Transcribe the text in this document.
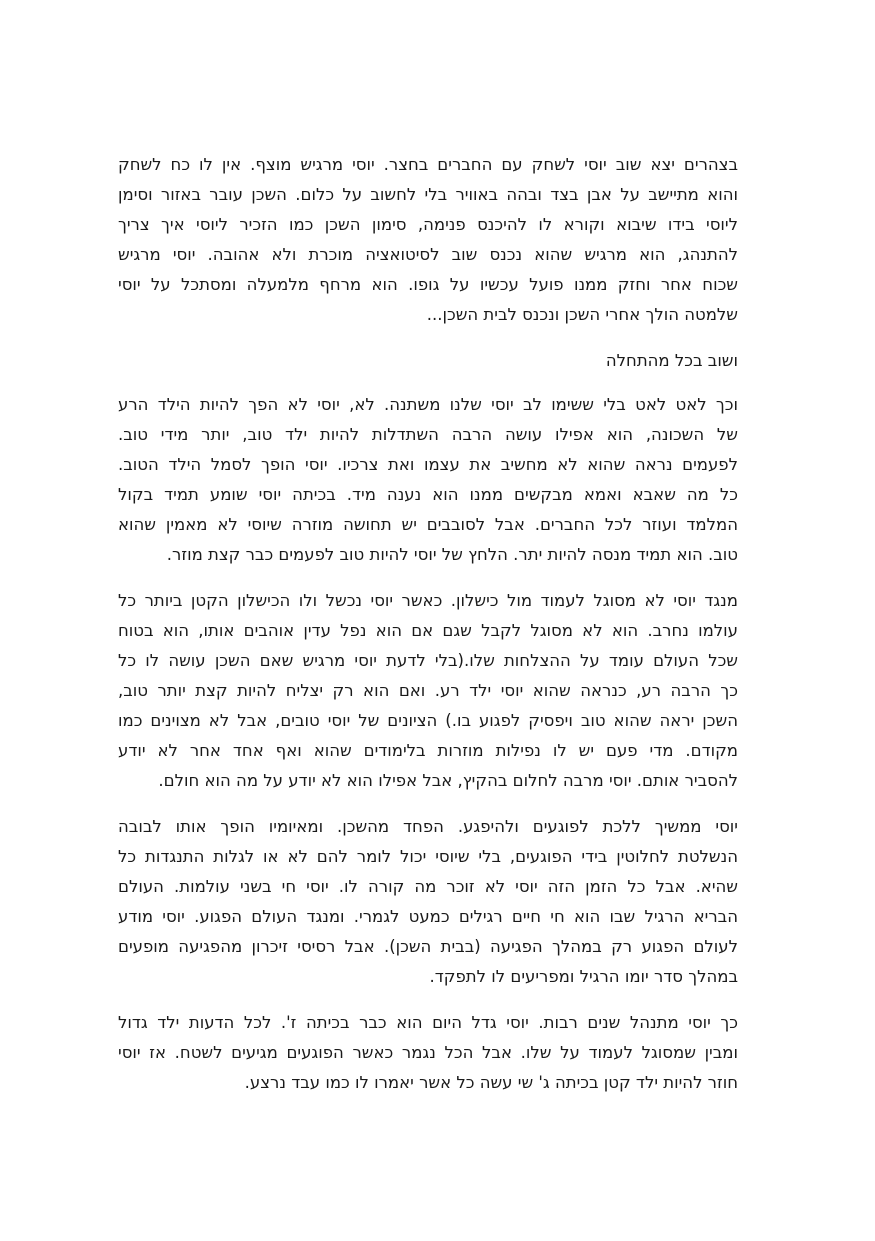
בצהרים יצא שוב יוסי לשחק עם החברים בחצר. יוסי מרגיש מוצף. אין לו כח לשחק
והוא מתיישב על אבן בצד ובהה באוויר בלי לחשוב על כלום. השכן עובר באזור וסימן
ליוסי בידו שיבוא וקורא לו להיכנס פנימה, סימון השכן כמו הזכיר ליוסי איך צריך
להתנהג, הוא מרגיש שהוא נכנס שוב לסיטואציה מוכרת ולא אהובה. יוסי מרגיש
שכוח אחר וחזק ממנו פועל עכשיו על גופו. הוא מרחף מלמעלה ומסתכל על יוסי
שלמטה הולך אחרי השכן ונכנס לבית השכן...

ושוב בכל מהתחלה

וכך לאט לאט בלי ששימו לב יוסי שלנו משתנה. לא, יוסי לא הפך להיות הילד הרע
של השכונה, הוא אפילו עושה הרבה השתדלות להיות ילד טוב, יותר מידי טוב.
לפעמים נראה שהוא לא מחשיב את עצמו ואת צרכיו. יוסי הופך לסמל הילד הטוב.
כל מה שאבא ואמא מבקשים ממנו הוא נענה מיד. בכיתה יוסי שומע תמיד בקול
המלמד ועוזר לכל החברים. אבל לסובבים יש תחושה מוזרה שיוסי לא מאמין שהוא
טוב. הוא תמיד מנסה להיות יתר. הלחץ של יוסי להיות טוב לפעמים כבר קצת מוזר.

מנגד יוסי לא מסוגל לעמוד מול כישלון. כאשר יוסי נכשל ולו הכישלון הקטן ביותר כל
עולמו נחרב. הוא לא מסוגל לקבל שגם אם הוא נפל עדין אוהבים אותו, הוא בטוח
שכל העולם עומד על ההצלחות שלו.(בלי לדעת יוסי מרגיש שאם השכן עושה לו כל
כך הרבה רע, כנראה שהוא יוסי ילד רע. ואם הוא רק יצליח להיות קצת יותר טוב,
השכן יראה שהוא טוב ויפסיק לפגוע בו.) הציונים של יוסי טובים, אבל לא מצוינים כמו
מקודם. מדי פעם יש לו נפילות מוזרות בלימודים שהוא ואף אחד אחר לא יודע
להסביר אותם. יוסי מרבה לחלום בהקיץ, אבל אפילו הוא לא יודע על מה הוא חולם.

יוסי ממשיך ללכת לפוגעים ולהיפגע. הפחד מהשכן. ומאיומיו הופך אותו לבובה
הנשלטת לחלוטין בידי הפוגעים, בלי שיוסי יכול לומר להם לא או לגלות התנגדות כל
שהיא. אבל כל הזמן הזה יוסי לא זוכר מה קורה לו. יוסי חי בשני עולמות. העולם
הבריא הרגיל שבו הוא חי חיים רגילים כמעט לגמרי. ומנגד העולם הפגוע. יוסי מודע
לעולם הפגוע רק במהלך הפגיעה (בבית השכן). אבל רסיסי זיכרון מהפגיעה מופעים
במהלך סדר יומו הרגיל ומפריעים לו לתפקד.

כך יוסי מתנהל שנים רבות. יוסי גדל היום הוא כבר בכיתה ז'. לכל הדעות ילד גדול
ומבין שמסוגל לעמוד על שלו. אבל הכל נגמר כאשר הפוגעים מגיעים לשטח. אז יוסי
חוזר להיות ילד קטן בכיתה ג' שי עשה כל אשר יאמרו לו כמו עבד נרצע.
